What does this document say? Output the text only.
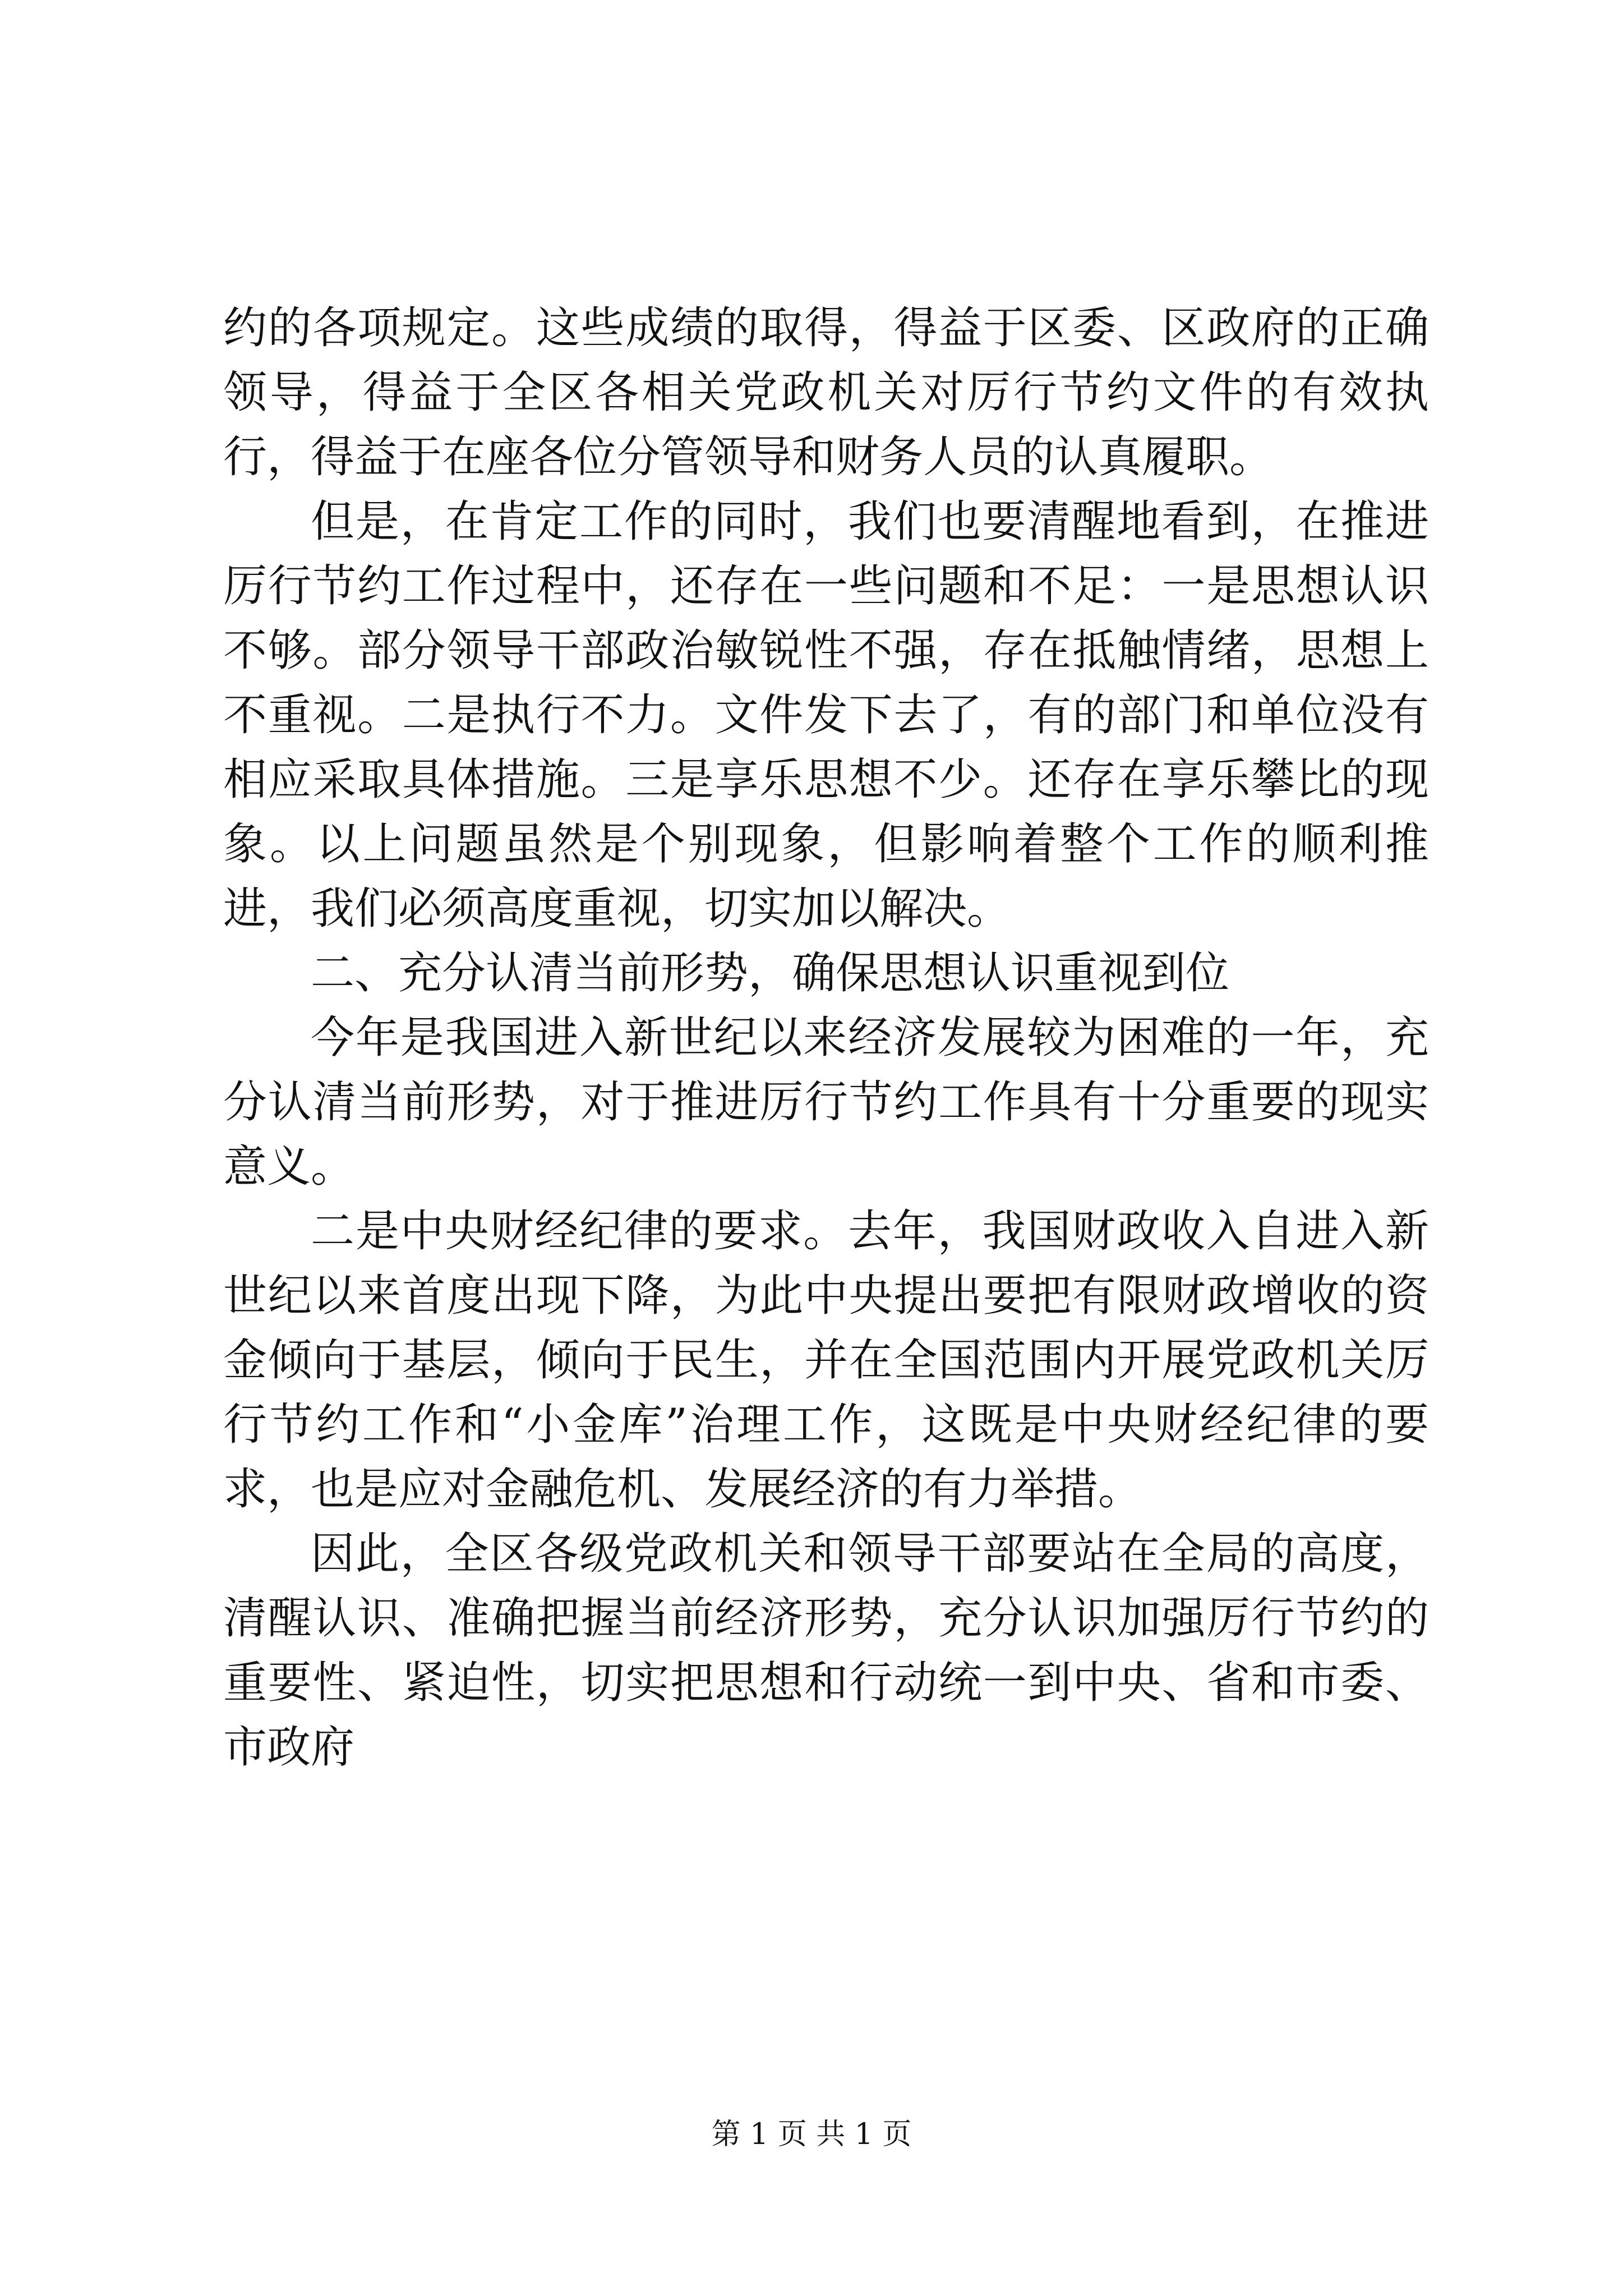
约的各项规定。这些成绩的取得，得益于区委、区政府的正确领导，得益于全区各相关党政机关对厉行节约文件的有效执行，得益于在座各位分管领导和财务人员的认真履职。

但是，在肯定工作的同时，我们也要清醒地看到，在推进厉行节约工作过程中，还存在一些问题和不足：一是思想认识不够。部分领导干部政治敏锐性不强，存在抵触情绪，思想上不重视。二是执行不力。文件发下去了，有的部门和单位没有相应采取具体措施。三是享乐思想不少。还存在享乐攀比的现象。以上问题虽然是个别现象，但影响着整个工作的顺利推进，我们必须高度重视，切实加以解决。

二、充分认清当前形势，确保思想认识重视到位

今年是我国进入新世纪以来经济发展较为困难的一年，充分认清当前形势，对于推进厉行节约工作具有十分重要的现实意义。

二是中央财经纪律的要求。去年，我国财政收入自进入新世纪以来首度出现下降，为此中央提出要把有限财政增收的资金倾向于基层，倾向于民生，并在全国范围内开展党政机关厉行节约工作和“小金库”治理工作，这既是中央财经纪律的要求，也是应对金融危机、发展经济的有力举措。

因此，全区各级党政机关和领导干部要站在全局的高度，清醒认识、准确把握当前经济形势，充分认识加强厉行节约的重要性、紧迫性，切实把思想和行动统一到中央、省和市委、市政府

第 1 页 共 1 页
